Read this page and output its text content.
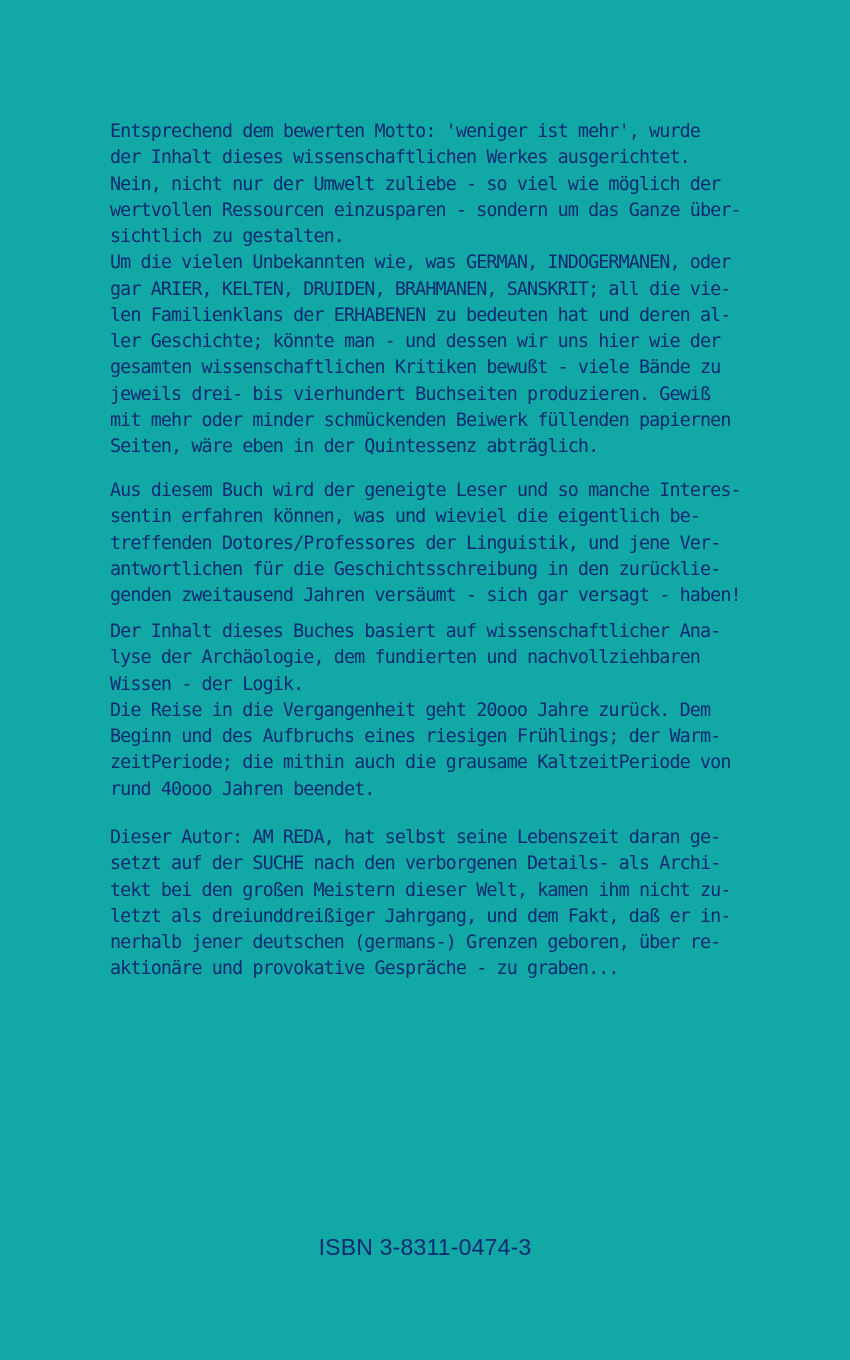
Entsprechend dem bewerten Motto: 'weniger ist mehr', wurde
der Inhalt dieses wissenschaftlichen Werkes ausgerichtet.
Nein, nicht nur der Umwelt zuliebe - so viel wie möglich der
wertvollen Ressourcen einzusparen - sondern um das Ganze über-
sichtlich zu gestalten.
Um die vielen Unbekannten wie, was GERMAN, INDOGERMANEN, oder
gar ARIER, KELTEN, DRUIDEN, BRAHMANEN, SANSKRIT; all die vie-
len Familienklans der ERHABENEN zu bedeuten hat und deren al-
ler Geschichte; könnte man - und dessen wir uns hier wie der
gesamten wissenschaftlichen Kritiken bewußt - viele Bände zu
jeweils drei- bis vierhundert Buchseiten produzieren. Gewiß
mit mehr oder minder schmückenden Beiwerk füllenden papiernen
Seiten, wäre eben in der Quintessenz abträglich.

Aus diesem Buch wird der geneigte Leser und so manche Interes-
sentin erfahren können, was und wieviel die eigentlich be-
treffenden Dotores/Professores der Linguistik, und jene Ver-
antwortlichen für die Geschichtsschreibung in den zurücklie-
genden zweitausend Jahren versäumt - sich gar versagt - haben!

Der Inhalt dieses Buches basiert auf wissenschaftlicher Ana-
lyse der Archäologie, dem fundierten und nachvollziehbaren
Wissen - der Logik.
Die Reise in die Vergangenheit geht 20ooo Jahre zurück. Dem
Beginn und des Aufbruchs eines riesigen Frühlings; der Warm-
zeitPeriode; die mithin auch die grausame KaltzeitPeriode von
rund 40ooo Jahren beendet.

Dieser Autor: AM REDA, hat selbst seine Lebenszeit daran ge-
setzt auf der SUCHE nach den verborgenen Details- als Archi-
tekt bei den großen Meistern dieser Welt, kamen ihm nicht zu-
letzt als dreiunddreißiger Jahrgang, und dem Fakt, daß er in-
nerhalb jener deutschen (germans-) Grenzen geboren, über re-
aktionäre und provokative Gespräche - zu graben...

ISBN 3-8311-0474-3
